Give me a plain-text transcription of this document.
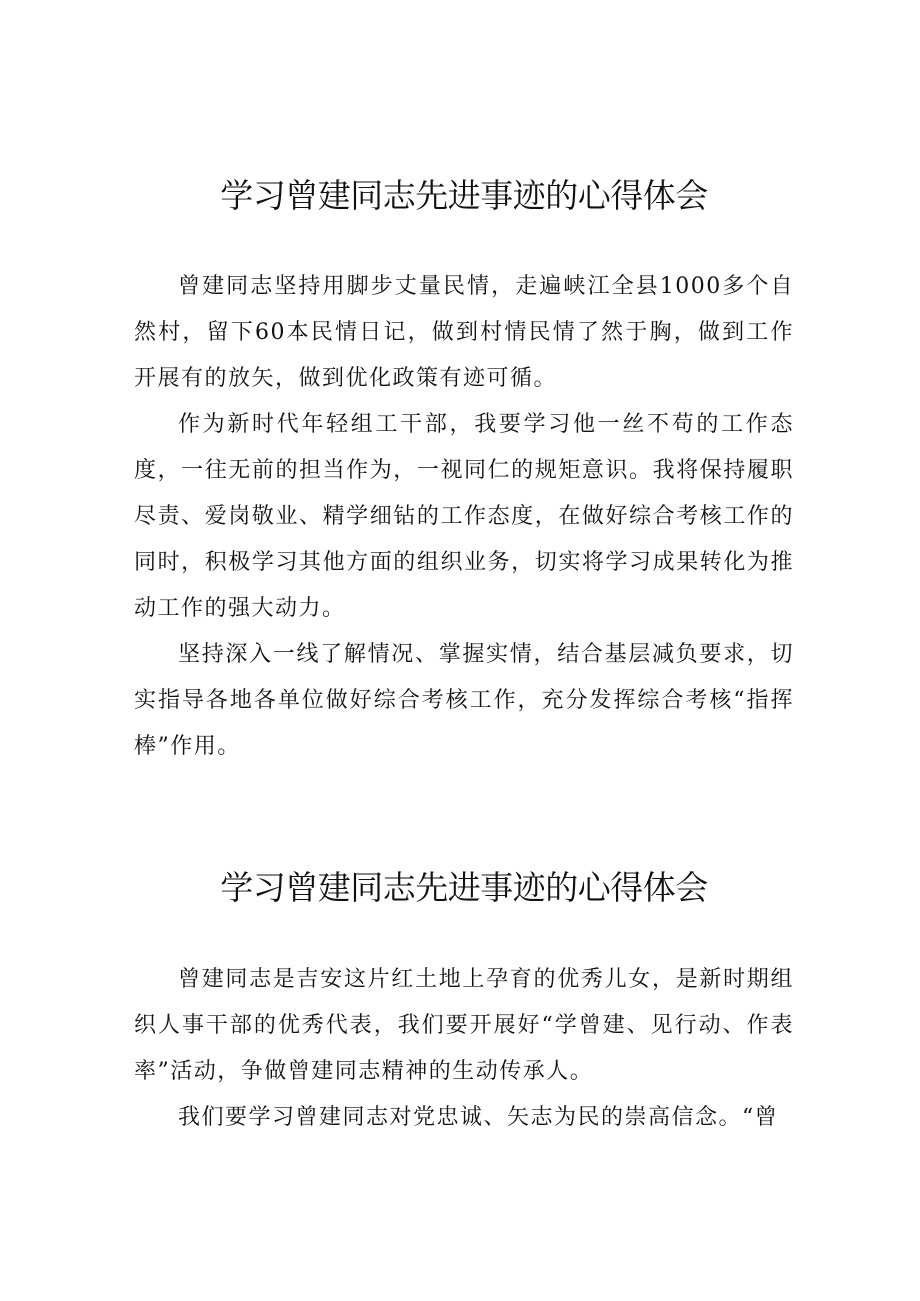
学习曾建同志先进事迹的心得体会

曾建同志坚持用脚步丈量民情，走遍峡江全县1000多个自然村，留下60本民情日记，做到村情民情了然于胸，做到工作开展有的放矢，做到优化政策有迹可循。

作为新时代年轻组工干部，我要学习他一丝不苟的工作态度，一往无前的担当作为，一视同仁的规矩意识。我将保持履职尽责、爱岗敬业、精学细钻的工作态度，在做好综合考核工作的同时，积极学习其他方面的组织业务，切实将学习成果转化为推动工作的强大动力。

坚持深入一线了解情况、掌握实情，结合基层减负要求，切实指导各地各单位做好综合考核工作，充分发挥综合考核“指挥棒”作用。

学习曾建同志先进事迹的心得体会

曾建同志是吉安这片红土地上孕育的优秀儿女，是新时期组织人事干部的优秀代表，我们要开展好“学曾建、见行动、作表率”活动，争做曾建同志精神的生动传承人。

我们要学习曾建同志对党忠诚、矢志为民的崇高信念。“曾
